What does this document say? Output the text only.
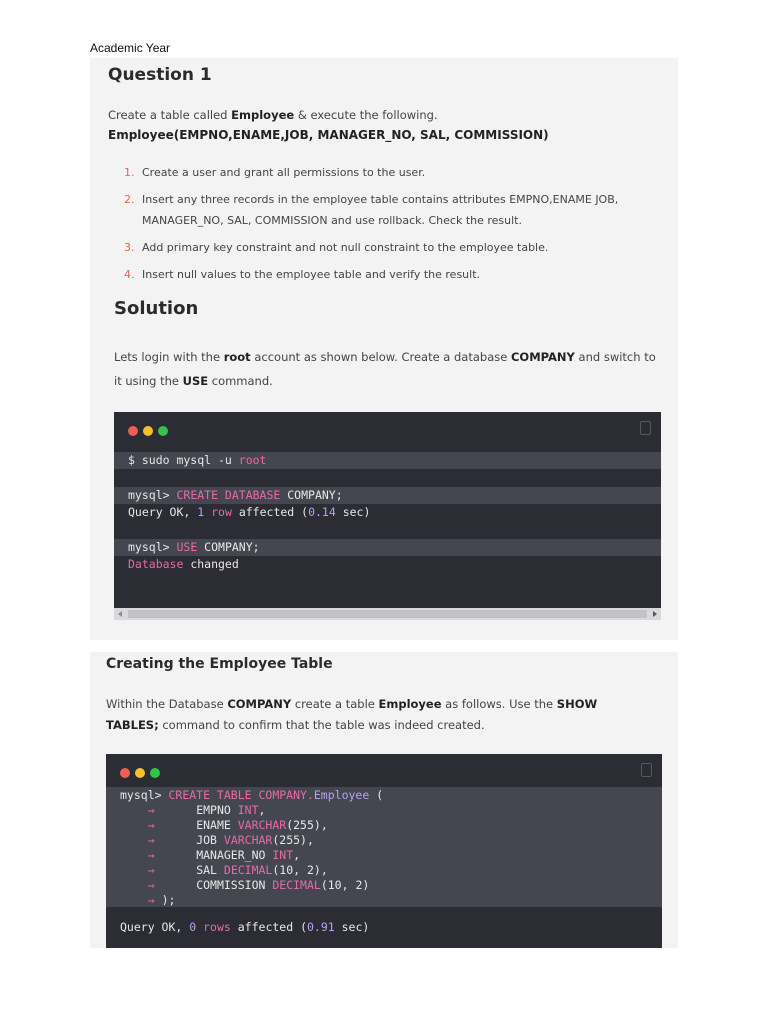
Academic Year
Question 1
Create a table called Employee & execute the following.
Employee(EMPNO,ENAME,JOB, MANAGER_NO, SAL, COMMISSION)
1. Create a user and grant all permissions to the user.
2. Insert any three records in the employee table contains attributes EMPNO,ENAME JOB, MANAGER_NO, SAL, COMMISSION and use rollback. Check the result.
3. Add primary key constraint and not null constraint to the employee table.
4. Insert null values to the employee table and verify the result.
Solution
Lets login with the root account as shown below. Create a database COMPANY and switch to it using the USE command.
$ sudo mysql -u root
mysql> CREATE DATABASE COMPANY;
Query OK, 1 row affected (0.14 sec)
mysql> USE COMPANY;
Database changed
Creating the Employee Table
Within the Database COMPANY create a table Employee as follows. Use the SHOW TABLES; command to confirm that the table was indeed created.
mysql> CREATE TABLE COMPANY.Employee (
→	EMPNO INT,
→	ENAME VARCHAR(255),
→	JOB VARCHAR(255),
→	MANAGER_NO INT,
→	SAL DECIMAL(10, 2),
→	COMMISSION DECIMAL(10, 2)
→ );
Query OK, 0 rows affected (0.91 sec)
